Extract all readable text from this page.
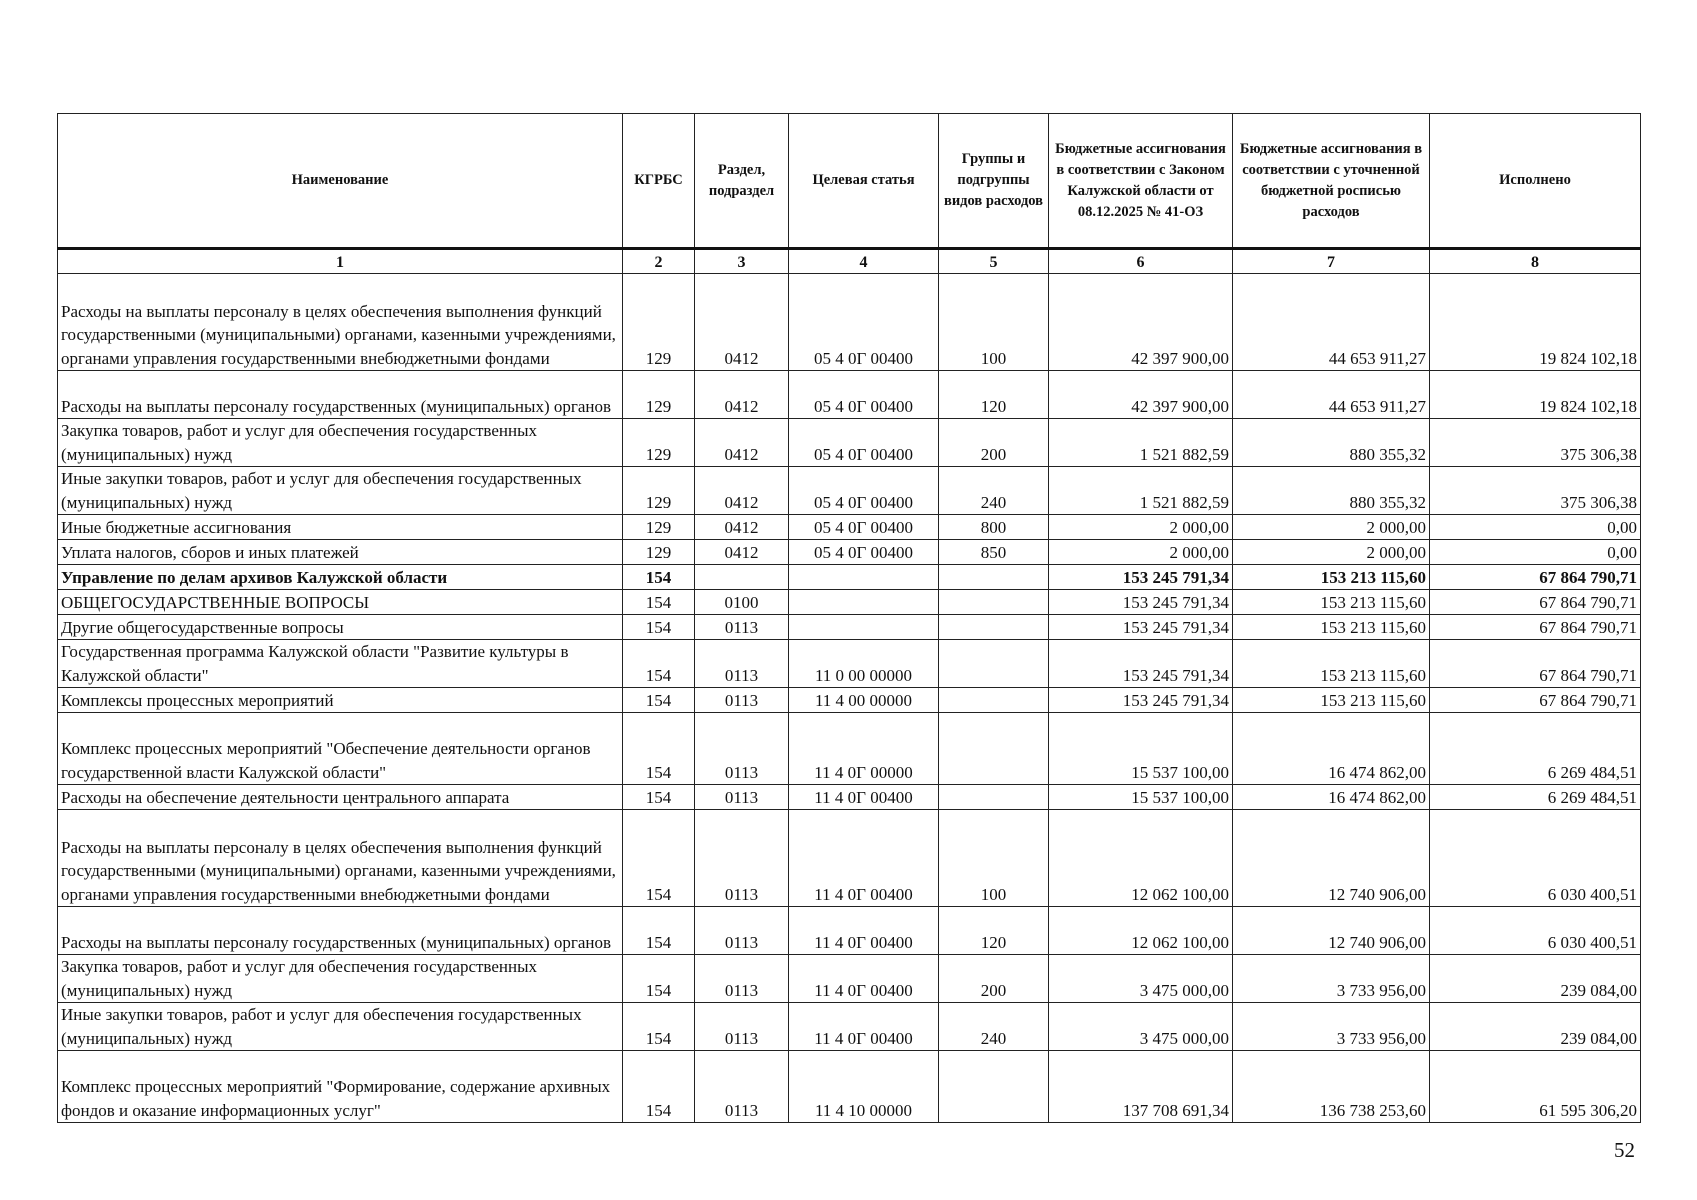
Наименование	КГРБС	Раздел, подраздел	Целевая статья	Группы и подгруппы видов расходов	Бюджетные ассигнования в соответствии с Законом Калужской области от 08.12.2025 № 41-ОЗ	Бюджетные ассигнования в соответствии с уточненной бюджетной росписью расходов	Исполнено
1	2	3	4	5	6	7	8
Расходы на выплаты персоналу в целях обеспечения выполнения функций государственными (муниципальными) органами, казенными учреждениями, органами управления государственными внебюджетными фондами	129	0412	05 4 0Г 00400	100	42 397 900,00	44 653 911,27	19 824 102,18
Расходы на выплаты персоналу государственных (муниципальных) органов	129	0412	05 4 0Г 00400	120	42 397 900,00	44 653 911,27	19 824 102,18
Закупка товаров, работ и услуг для обеспечения государственных (муниципальных) нужд	129	0412	05 4 0Г 00400	200	1 521 882,59	880 355,32	375 306,38
Иные закупки товаров, работ и услуг для обеспечения государственных (муниципальных) нужд	129	0412	05 4 0Г 00400	240	1 521 882,59	880 355,32	375 306,38
Иные бюджетные ассигнования	129	0412	05 4 0Г 00400	800	2 000,00	2 000,00	0,00
Уплата налогов, сборов и иных платежей	129	0412	05 4 0Г 00400	850	2 000,00	2 000,00	0,00
Управление по делам архивов Калужской области	154				153 245 791,34	153 213 115,60	67 864 790,71
ОБЩЕГОСУДАРСТВЕННЫЕ ВОПРОСЫ	154	0100			153 245 791,34	153 213 115,60	67 864 790,71
Другие общегосударственные вопросы	154	0113			153 245 791,34	153 213 115,60	67 864 790,71
Государственная программа Калужской области "Развитие культуры в Калужской области"	154	0113	11 0 00 00000		153 245 791,34	153 213 115,60	67 864 790,71
Комплексы процессных мероприятий	154	0113	11 4 00 00000		153 245 791,34	153 213 115,60	67 864 790,71
Комплекс процессных мероприятий "Обеспечение деятельности органов государственной власти Калужской области"	154	0113	11 4 0Г 00000		15 537 100,00	16 474 862,00	6 269 484,51
Расходы на обеспечение деятельности центрального аппарата	154	0113	11 4 0Г 00400		15 537 100,00	16 474 862,00	6 269 484,51
Расходы на выплаты персоналу в целях обеспечения выполнения функций государственными (муниципальными) органами, казенными учреждениями, органами управления государственными внебюджетными фондами	154	0113	11 4 0Г 00400	100	12 062 100,00	12 740 906,00	6 030 400,51
Расходы на выплаты персоналу государственных (муниципальных) органов	154	0113	11 4 0Г 00400	120	12 062 100,00	12 740 906,00	6 030 400,51
Закупка товаров, работ и услуг для обеспечения государственных (муниципальных) нужд	154	0113	11 4 0Г 00400	200	3 475 000,00	3 733 956,00	239 084,00
Иные закупки товаров, работ и услуг для обеспечения государственных (муниципальных) нужд	154	0113	11 4 0Г 00400	240	3 475 000,00	3 733 956,00	239 084,00
Комплекс процессных мероприятий "Формирование, содержание архивных фондов и оказание информационных услуг"	154	0113	11 4 10 00000		137 708 691,34	136 738 253,60	61 595 306,20
52
